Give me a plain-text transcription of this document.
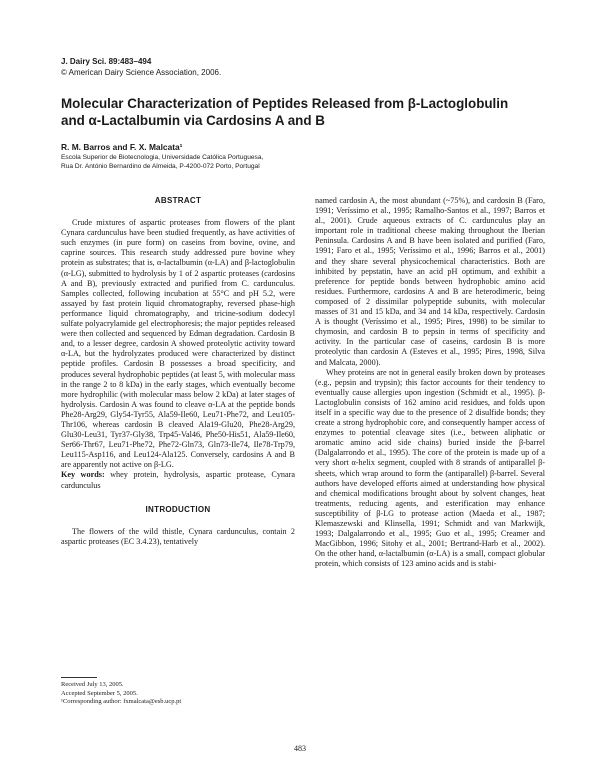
J. Dairy Sci. 89:483–494
© American Dairy Science Association, 2006.
Molecular Characterization of Peptides Released from β-Lactoglobulin
and α-Lactalbumin via Cardosins A and B
R. M. Barros and F. X. Malcata¹
Escola Superior de Biotecnologia, Universidade Católica Portuguesa,
Rua Dr. António Bernardino de Almeida, P-4200-072 Porto, Portugal
ABSTRACT

Crude mixtures of aspartic proteases from flowers of the plant Cynara cardunculus have been studied frequently, as have activities of such enzymes (in pure form) on caseins from bovine, ovine, and caprine sources. This research study addressed pure bovine whey protein as substrates; that is, α-lactalbumin (α-LA) and β-lactoglobulin (α-LG), submitted to hydrolysis by 1 of 2 aspartic proteases (cardosins A and B), previously extracted and purified from C. cardunculus. Samples collected, following incubation at 55°C and pH 5.2, were assayed by fast protein liquid chromatography, reversed phase-high performance liquid chromatography, and tricine-sodium dodecyl sulfate polyacrylamide gel electrophoresis; the major peptides released were then collected and sequenced by Edman degradation. Cardosin B and, to a lesser degree, cardosin A showed proteolytic activity toward α-LA, but the hydrolyzates produced were characterized by distinct peptide profiles. Cardosin B possesses a broad specificity, and produces several hydrophobic peptides (at least 5, with molecular mass in the range 2 to 8 kDa) in the early stages, which eventually become more hydrophilic (with molecular mass below 2 kDa) at later stages of hydrolysis. Cardosin A was found to cleave α-LA at the peptide bonds Phe28-Arg29, Gly54-Tyr55, Ala59-Ile60, Leu71-Phe72, and Leu105-Thr106, whereas cardosin B cleaved Ala19-Glu20, Phe28-Arg29, Glu30-Leu31, Tyr37-Gly38, Trp45-Val46, Phe50-His51, Ala59-Ile60, Ser66-Thr67, Leu71-Phe72, Phe72-Gln73, Gln73-Ile74, Ile78-Trp79, Leu115-Asp116, and Leu124-Ala125. Conversely, cardosins A and B are apparently not active on β-LG.

Key words: whey protein, hydrolysis, aspartic protease, Cynara cardunculus

INTRODUCTION

The flowers of the wild thistle, Cynara cardunculus, contain 2 aspartic proteases (EC 3.4.23), tentatively

named cardosin A, the most abundant (~75%), and cardosin B (Faro, 1991; Veríssimo et al., 1995; Ramalho-Santos et al., 1997; Barros et al., 2001). Crude aqueous extracts of C. cardunculus play an important role in traditional cheese making throughout the Iberian Peninsula. Cardosins A and B have been isolated and purified (Faro, 1991; Faro et al., 1995; Veríssimo et al., 1996; Barros et al., 2001) and they share several physicochemical characteristics. Both are inhibited by pepstatin, have an acid pH optimum, and exhibit a preference for peptide bonds between hydrophobic amino acid residues. Furthermore, cardosins A and B are heterodimeric, being composed of 2 dissimilar polypeptide subunits, with molecular masses of 31 and 15 kDa, and 34 and 14 kDa, respectively. Cardosin A is thought (Veríssimo et al., 1995; Pires, 1998) to be similar to chymosin, and cardosin B to pepsin in terms of specificity and activity. In the particular case of caseins, cardosin B is more proteolytic than cardosin A (Esteves et al., 1995; Pires, 1998, Silva and Malcata, 2000).

Whey proteins are not in general easily broken down by proteases (e.g., pepsin and trypsin); this factor accounts for their tendency to eventually cause allergies upon ingestion (Schmidt et al., 1995). β-Lactoglobulin consists of 162 amino acid residues, and folds upon itself in a specific way due to the presence of 2 disulfide bonds; they create a strong hydrophobic core, and consequently hamper access of enzymes to potential cleavage sites (i.e., between aliphatic or aromatic amino acid side chains) buried inside the β-barrel (Dalgalarrondo et al., 1995). The core of the protein is made up of a very short α-helix segment, coupled with 8 strands of antiparallel β-sheets, which wrap around to form the (antiparallel) β-barrel. Several authors have developed efforts aimed at understanding how physical and chemical modifications brought about by solvent changes, heat treatments, reducing agents, and esterification may enhance susceptibility of β-LG to protease action (Maeda et al., 1987; Klemaszewski and Klinsella, 1991; Schmidt and van Markwijk, 1993; Dalgalarrondo et al., 1995; Guo et al., 1995; Creamer and MacGibbon, 1996; Sitohy et al., 2001; Bertrand-Harb et al., 2002). On the other hand, α-lactalbumin (α-LA) is a small, compact globular protein, which consists of 123 amino acids and is stabi-

Received July 13, 2005.
Accepted September 5, 2005.
¹Corresponding author: fxmalcata@esb.ucp.pt
483
